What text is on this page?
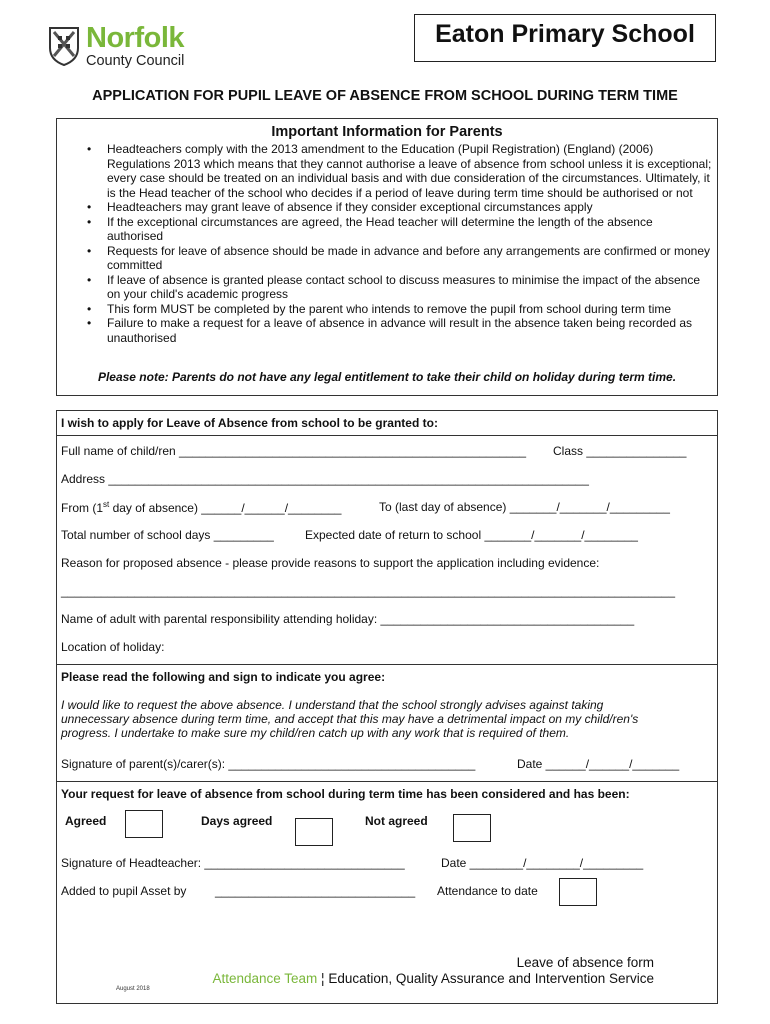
Norfolk
County Council
Eaton Primary School
APPLICATION FOR PUPIL LEAVE OF ABSENCE FROM SCHOOL DURING TERM TIME
Important Information for Parents
• Headteachers comply with the 2013 amendment to the Education (Pupil Registration) (England) (2006) Regulations 2013 which means that they cannot authorise a leave of absence from school unless it is exceptional; every case should be treated on an individual basis and with due consideration of the circumstances. Ultimately, it is the Head teacher of the school who decides if a period of leave during term time should be authorised or not
• Headteachers may grant leave of absence if they consider exceptional circumstances apply
• If the exceptional circumstances are agreed, the Head teacher will determine the length of the absence authorised
• Requests for leave of absence should be made in advance and before any arrangements are confirmed or money committed
• If leave of absence is granted please contact school to discuss measures to minimise the impact of the absence on your child's academic progress
• This form MUST be completed by the parent who intends to remove the pupil from school during term time
• Failure to make a request for a leave of absence in advance will result in the absence taken being recorded as unauthorised
Please note: Parents do not have any legal entitlement to take their child on holiday during term time.
I wish to apply for Leave of Absence from school to be granted to:
Full name of child/ren ____________________________________________________ Class _______________
Address ________________________________________________________________________
From (1st day of absence) ______/______/________	To (last day of absence) _______/_______/_________
Total number of school days _________	Expected date of return to school _______/_______/________
Reason for proposed absence - please provide reasons to support the application including evidence:
____________________________________________________________________________________________
Name of adult with parental responsibility attending holiday: ______________________________________
Location of holiday:
Please read the following and sign to indicate you agree:
I would like to request the above absence. I understand that the school strongly advises against taking
unnecessary absence during term time, and accept that this may have a detrimental impact on my child/ren's
progress. I undertake to make sure my child/ren catch up with any work that is required of them.
Signature of parent(s)/carer(s): _____________________________________	Date ______/______/_______
Your request for leave of absence from school during term time has been considered and has been:
Agreed	Days agreed	Not agreed
Signature of Headteacher: ______________________________	Date ________/________/_________
Added to pupil Asset by ______________________________ Attendance to date
Leave of absence form
Attendance Team ¦ Education, Quality Assurance and Intervention Service
August 2018
